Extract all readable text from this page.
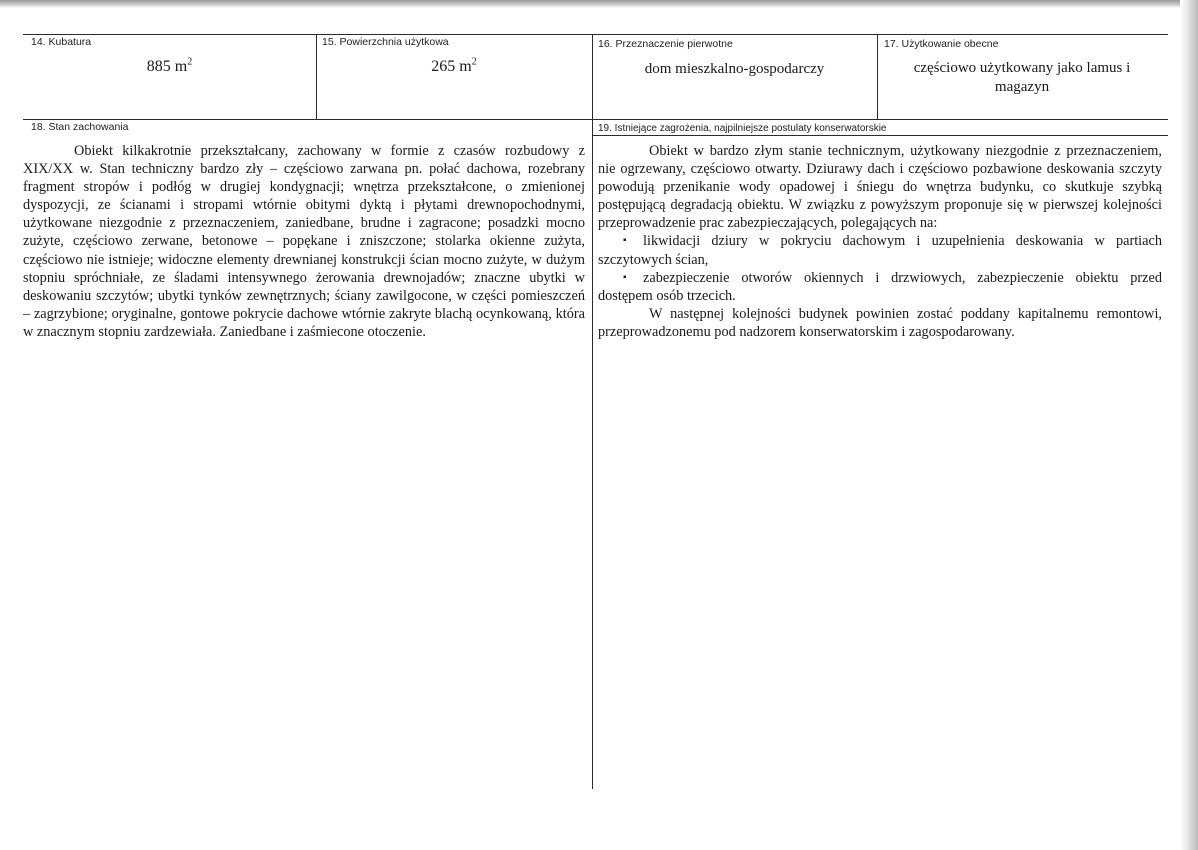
14. Kubatura
885 $m^2$
15. Powierzchnia użytkowa
265 $m^2$
16. Przeznaczenie pierwotne
dom mieszkalno-gospodarczy
17. Użytkowanie obecne
częściowo użytkowany jako lamus i magazyn
18. Stan zachowania	19. Istniejące zagrożenia, najpilniejsze postulaty konserwatorskie

Obiekt kilkakrotnie przekształcany, zachowany w formie z czasów rozbudowy z XIX/XX w. Stan techniczny bardzo zły – częściowo zarwana pn. połać dachowa, rozebrany fragment stropów i podłóg w drugiej kondygnacji; wnętrza przekształcone, o zmienionej dyspozycji, ze ścianami i stropami wtórnie obitymi dyktą i płytami drewnopochodnymi, użytkowane niezgodnie z przeznaczeniem, zaniedbane, brudne i zagracone; posadzki mocno zużyte, częściowo zerwane, betonowe – popękane i zniszczone; stolarka okienne zużyta, częściowo nie istnieje; widoczne elementy drewnianej konstrukcji ścian mocno zużyte, w dużym stopniu spróchniałe, ze śladami intensywnego żerowania drewnojadów; znaczne ubytki w deskowaniu szczytów; ubytki tynków zewnętrznych; ściany zawilgocone, w części pomieszczeń – zagrzybione; oryginalne, gontowe pokrycie dachowe wtórnie zakryte blachą ocynkowaną, która w znacznym stopniu zardzewiała. Zaniedbane i zaśmiecone otoczenie.

Obiekt w bardzo złym stanie technicznym, użytkowany niezgodnie z przeznaczeniem, nie ogrzewany, częściowo otwarty. Dziurawy dach i częściowo pozbawione deskowania szczyty powodują przenikanie wody opadowej i śniegu do wnętrza budynku, co skutkuje szybką postępującą degradacją obiektu. W związku z powyższym proponuje się w pierwszej kolejności przeprowadzenie prac zabezpieczających, polegających na:

▪ likwidacji dziury w pokryciu dachowym i uzupełnienia deskowania w partiach szczytowych ścian,

▪ zabezpieczenie otworów okiennych i drzwiowych, zabezpieczenie obiektu przed dostępem osób trzecich.

W następnej kolejności budynek powinien zostać poddany kapitalnemu remontowi, przeprowadzonemu pod nadzorem konserwatorskim i zagospodarowany.
